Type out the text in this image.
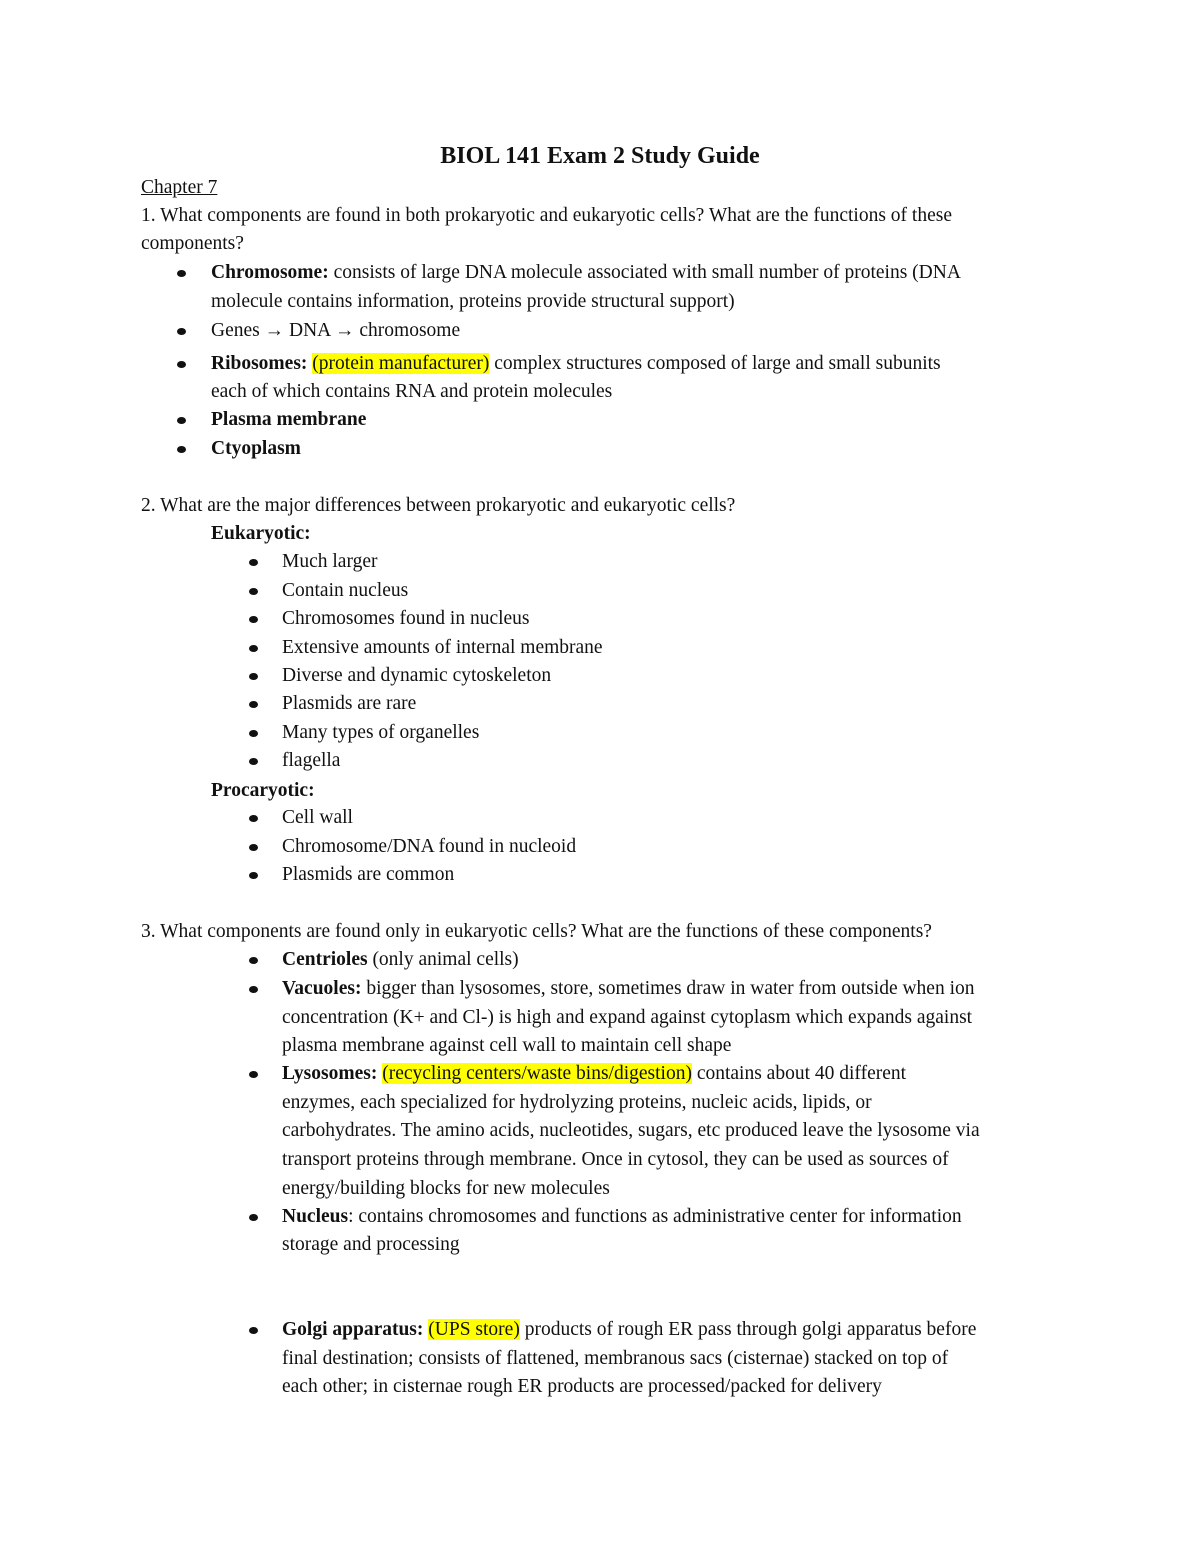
BIOL 141 Exam 2 Study Guide
Chapter 7
1. What components are found in both prokaryotic and eukaryotic cells? What are the functions of these
components?
Chromosome: consists of large DNA molecule associated with small number of proteins (DNA
molecule contains information, proteins provide structural support)
Genes → DNA → chromosome
Ribosomes: (protein manufacturer) complex structures composed of large and small subunits
each of which contains RNA and protein molecules
Plasma membrane
Ctyoplasm
2. What are the major differences between prokaryotic and eukaryotic cells?
Eukaryotic:
Much larger
Contain nucleus
Chromosomes found in nucleus
Extensive amounts of internal membrane
Diverse and dynamic cytoskeleton
Plasmids are rare
Many types of organelles
flagella
Procaryotic:
Cell wall
Chromosome/DNA found in nucleoid
Plasmids are common
3. What components are found only in eukaryotic cells? What are the functions of these components?
Centrioles (only animal cells)
Vacuoles: bigger than lysosomes, store, sometimes draw in water from outside when ion
concentration (K+ and Cl-) is high and expand against cytoplasm which expands against
plasma membrane against cell wall to maintain cell shape
Lysosomes: (recycling centers/waste bins/digestion) contains about 40 different
enzymes, each specialized for hydrolyzing proteins, nucleic acids, lipids, or
carbohydrates. The amino acids, nucleotides, sugars, etc produced leave the lysosome via
transport proteins through membrane. Once in cytosol, they can be used as sources of
energy/building blocks for new molecules
Nucleus: contains chromosomes and functions as administrative center for information
storage and processing
Golgi apparatus: (UPS store) products of rough ER pass through golgi apparatus before
final destination; consists of flattened, membranous sacs (cisternae) stacked on top of
each other; in cisternae rough ER products are processed/packed for delivery
